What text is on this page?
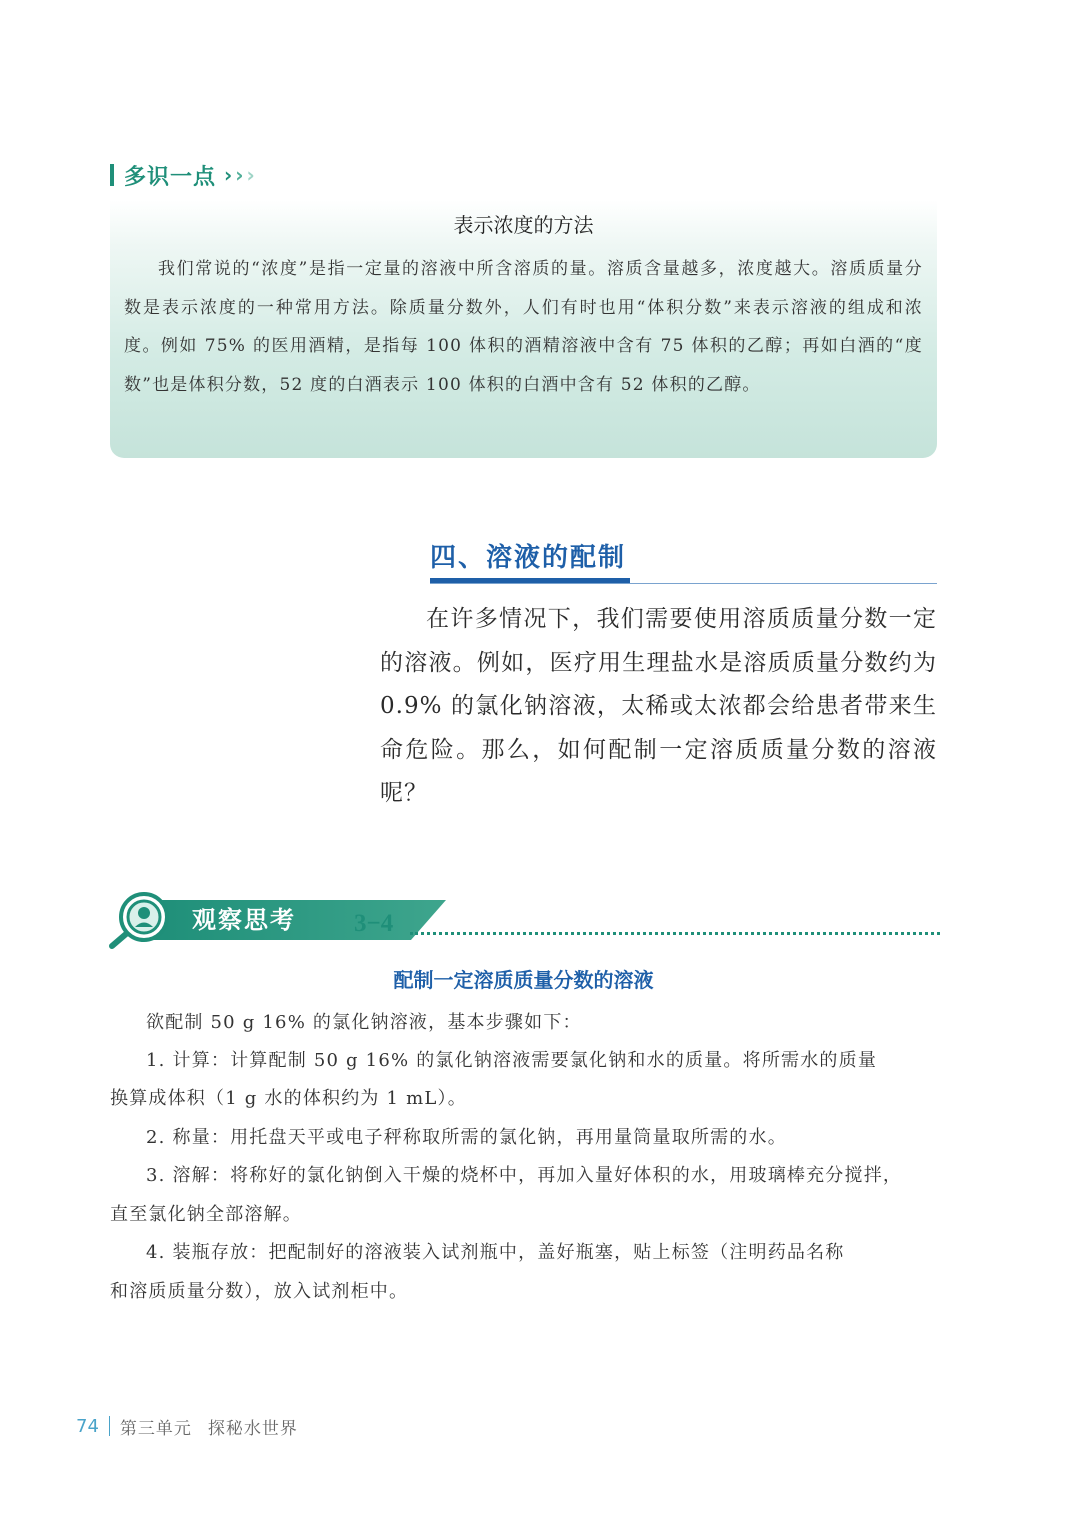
多识一点 › › ›
表示浓度的方法
我们常说的“浓度”是指一定量的溶液中所含溶质的量。溶质含量越多，浓度越大。溶质质量分数是表示浓度的一种常用方法。除质量分数外，人们有时也用“体积分数”来表示溶液的组成和浓度。例如 75% 的医用酒精，是指每 100 体积的酒精溶液中含有 75 体积的乙醇；再如白酒的“度数”也是体积分数，52 度的白酒表示 100 体积的白酒中含有 52 体积的乙醇。
四、溶液的配制
在许多情况下，我们需要使用溶质质量分数一定的溶液。例如，医疗用生理盐水是溶质质量分数约为 0.9% 的氯化钠溶液，太稀或太浓都会给患者带来生命危险。那么，如何配制一定溶质质量分数的溶液呢？
观察思考 3−4
配制一定溶质质量分数的溶液
欲配制 50 g 16% 的氯化钠溶液，基本步骤如下：
1. 计算：计算配制 50 g 16% 的氯化钠溶液需要氯化钠和水的质量。将所需水的质量
换算成体积（1 g 水的体积约为 1 mL）。
2. 称量：用托盘天平或电子秤称取所需的氯化钠，再用量筒量取所需的水。
3. 溶解：将称好的氯化钠倒入干燥的烧杯中，再加入量好体积的水，用玻璃棒充分搅拌，
直至氯化钠全部溶解。
4. 装瓶存放：把配制好的溶液装入试剂瓶中，盖好瓶塞，贴上标签（注明药品名称
和溶质质量分数），放入试剂柜中。
74 第三单元 探秘水世界
